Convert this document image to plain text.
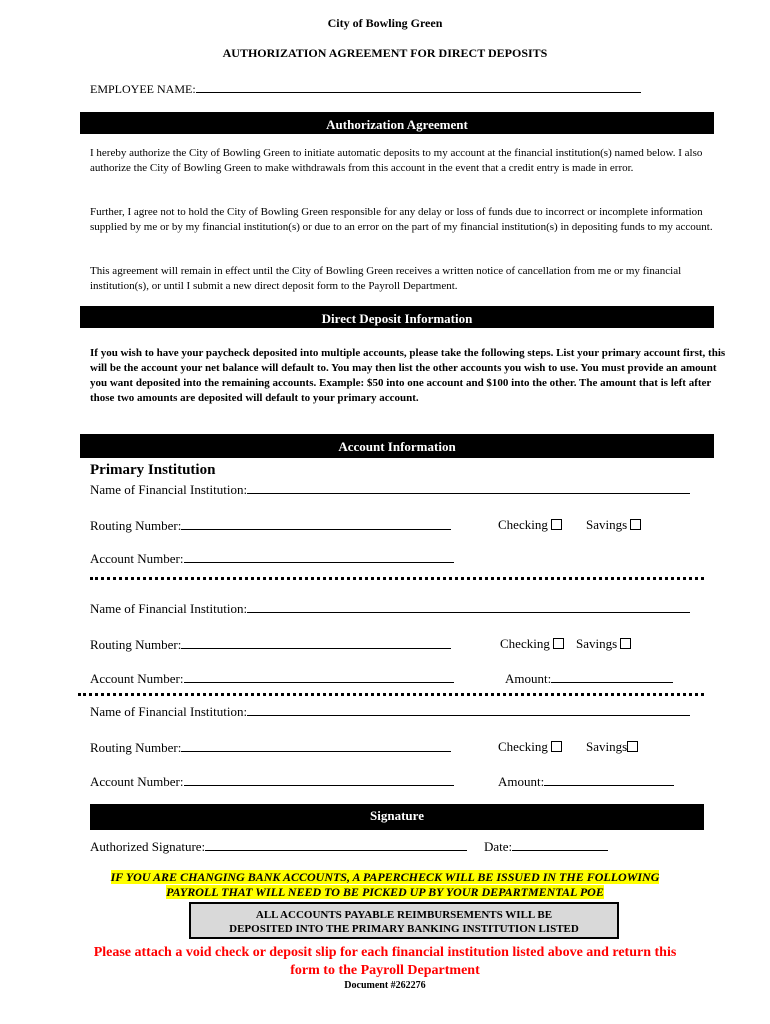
City of Bowling Green
AUTHORIZATION AGREEMENT FOR DIRECT DEPOSITS
EMPLOYEE NAME:
Authorization Agreement
I hereby authorize the City of Bowling Green to initiate automatic deposits to my account at the financial institution(s) named below. I also authorize the City of Bowling Green to make withdrawals from this account in the event that a credit entry is made in error.
Further, I agree not to hold the City of Bowling Green responsible for any delay or loss of funds due to incorrect or incomplete information supplied by me or by my financial institution(s) or due to an error on the part of my financial institution(s) in depositing funds to my account.
This agreement will remain in effect until the City of Bowling Green receives a written notice of cancellation from me or my financial institution(s), or until I submit a new direct deposit form to the Payroll Department.
Direct Deposit Information
If you wish to have your paycheck deposited into multiple accounts, please take the following steps. List your primary account first, this will be the account your net balance will default to. You may then list the other accounts you wish to use. You must provide an amount you want deposited into the remaining accounts. Example: $50 into one account and $100 into the other. The amount that is left after those two amounts are deposited will default to your primary account.
Account Information
Primary Institution
Name of Financial Institution:
Routing Number:	Checking	Savings
Account Number:
Name of Financial Institution:
Routing Number:	Checking	Savings
Account Number:	Amount:
Name of Financial Institution:
Routing Number:	Checking	Savings
Account Number:	Amount:
Signature
Authorized Signature:	Date:
IF YOU ARE CHANGING BANK ACCOUNTS, A PAPERCHECK WILL BE ISSUED IN THE FOLLOWING
PAYROLL THAT WILL NEED TO BE PICKED UP BY YOUR DEPARTMENTAL POE
ALL ACCOUNTS PAYABLE REIMBURSEMENTS WILL BE
DEPOSITED INTO THE PRIMARY BANKING INSTITUTION LISTED
Please attach a void check or deposit slip for each financial institution listed above and return this
form to the Payroll Department
Document #262276
